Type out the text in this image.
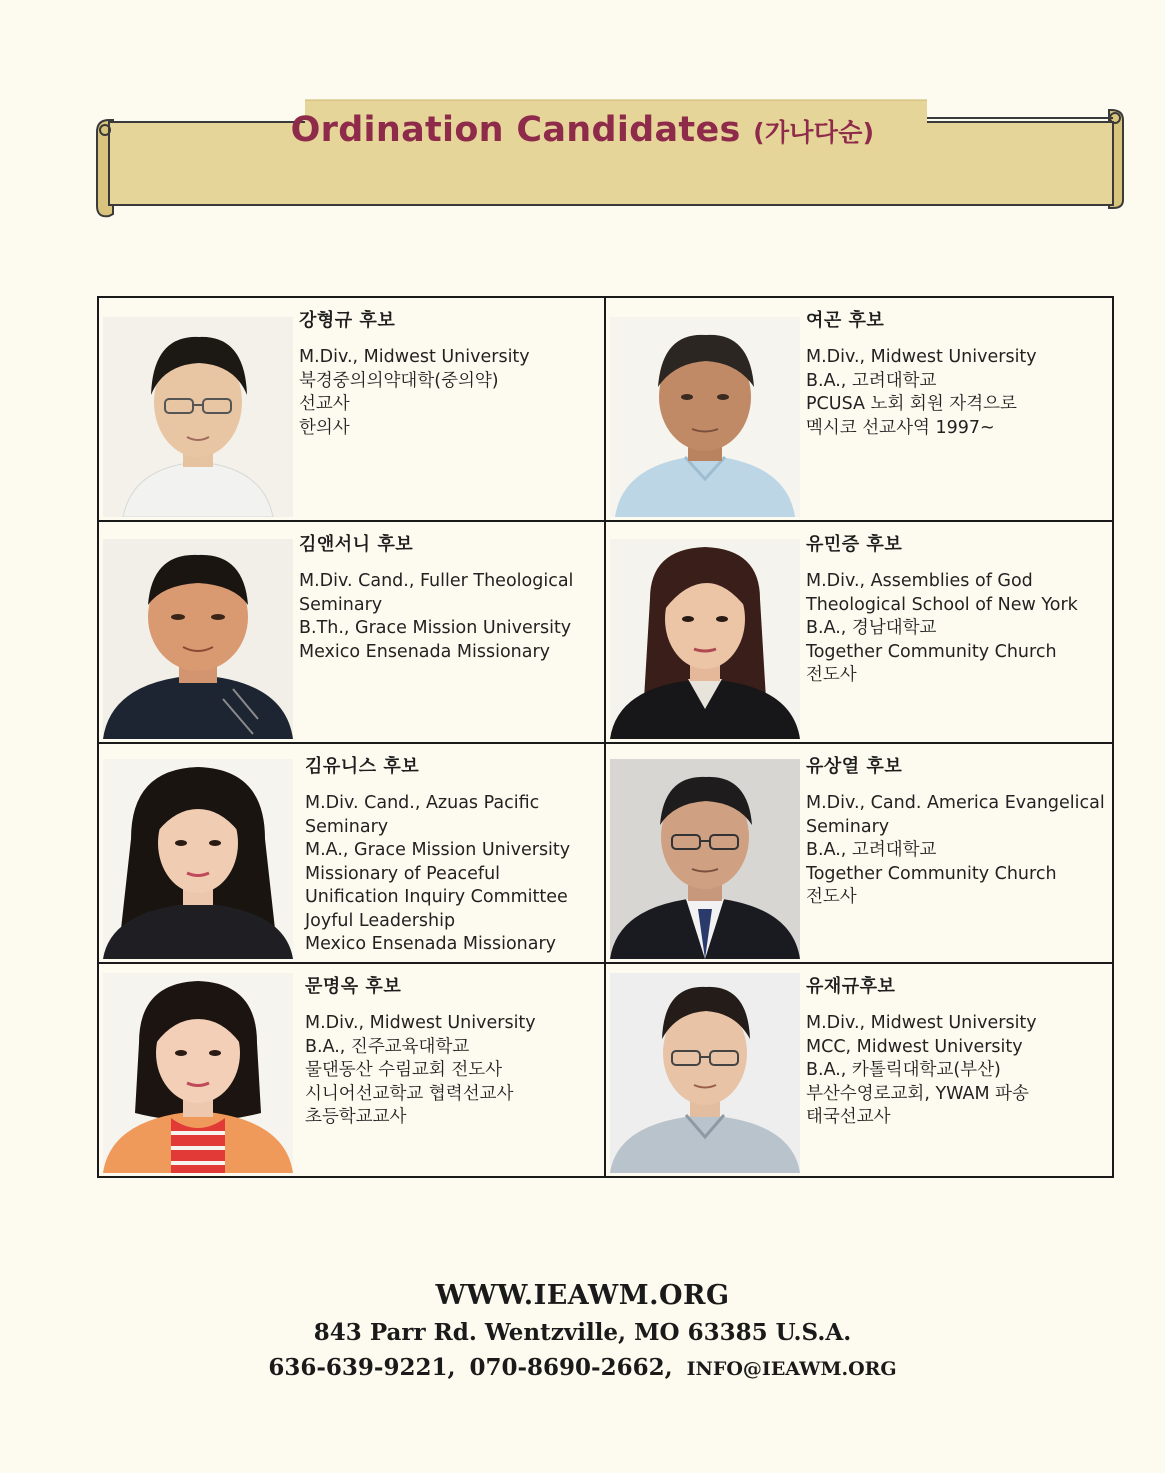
Ordination Candidates (가나다순)
강형규 후보
M.Div., Midwest University
북경중의의약대학(중의약)
선교사
한의사
여곤 후보
M.Div., Midwest University
B.A., 고려대학교
PCUSA 노회 회원 자격으로
멕시코 선교사역 1997~
김앤서니 후보
M.Div. Cand., Fuller Theological
Seminary
B.Th., Grace Mission University
Mexico Ensenada Missionary
유민증 후보
M.Div., Assemblies of God
Theological School of New York
B.A., 경남대학교
Together Community Church
전도사
김유니스 후보
M.Div. Cand., Azuas Pacific
Seminary
M.A., Grace Mission University
Missionary of Peaceful
Unification Inquiry Committee
Joyful Leadership
Mexico Ensenada Missionary
유상열 후보
M.Div., Cand. America Evangelical
Seminary
B.A., 고려대학교
Together Community Church
전도사
문명옥 후보
M.Div., Midwest University
B.A., 진주교육대학교
물댄동산 수림교회 전도사
시니어선교학교 협력선교사
초등학교교사
유재규후보
M.Div., Midwest University
MCC, Midwest University
B.A., 카톨릭대학교(부산)
부산수영로교회, YWAM 파송
태국선교사
WWW.IEAWM.ORG
843 Parr Rd. Wentzville, MO 63385 U.S.A.
636-639-9221, 070-8690-2662, INFO@IEAWM.ORG
